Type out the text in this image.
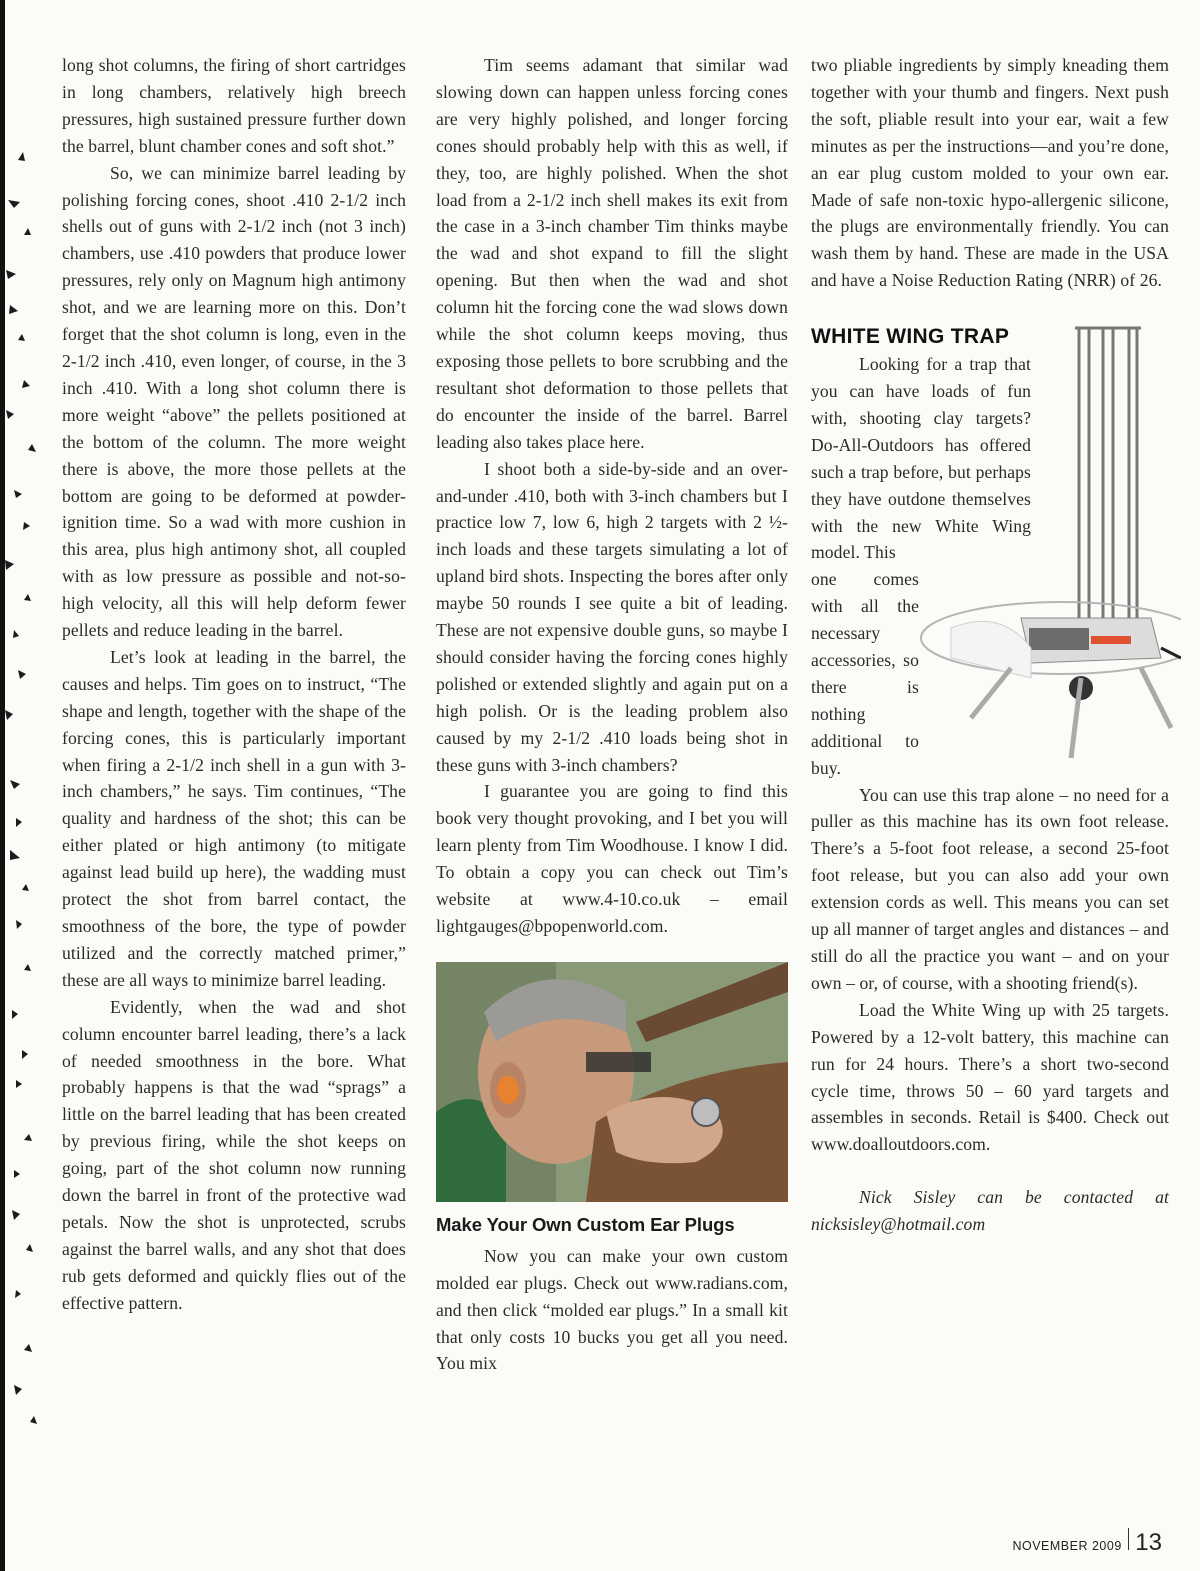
long shot columns, the firing of short cartridges in long chambers, relatively high breech pressures, high sustained pressure further down the barrel, blunt chamber cones and soft shot.”

So, we can minimize barrel leading by polishing forcing cones, shoot .410 2-1/2 inch shells out of guns with 2-1/2 inch (not 3 inch) chambers, use .410 powders that produce lower pressures, rely only on Magnum high antimony shot, and we are learning more on this. Don’t forget that the shot column is long, even in the 2-1/2 inch .410, even longer, of course, in the 3 inch .410. With a long shot column there is more weight “above” the pellets positioned at the bottom of the column. The more weight there is above, the more those pellets at the bottom are going to be deformed at powder-ignition time. So a wad with more cushion in this area, plus high antimony shot, all coupled with as low pressure as possible and not-so-high velocity, all this will help deform fewer pellets and reduce leading in the barrel.

Let’s look at leading in the barrel, the causes and helps. Tim goes on to instruct, “The shape and length, together with the shape of the forcing cones, this is particularly important when firing a 2-1/2 inch shell in a gun with 3-inch chambers,” he says. Tim continues, “The quality and hardness of the shot; this can be either plated or high antimony (to mitigate against lead build up here), the wadding must protect the shot from barrel contact, the smoothness of the bore, the type of powder utilized and the correctly matched primer,” these are all ways to minimize barrel leading.

Evidently, when the wad and shot column encounter barrel leading, there’s a lack of needed smoothness in the bore. What probably happens is that the wad “sprags” a little on the barrel leading that has been created by previous firing, while the shot keeps on going, part of the shot column now running down the barrel in front of the protective wad petals. Now the shot is unprotected, scrubs against the barrel walls, and any shot that does rub gets deformed and quickly flies out of the effective pattern.

Tim seems adamant that similar wad slowing down can happen unless forcing cones are very highly polished, and longer forcing cones should probably help with this as well, if they, too, are highly polished. When the shot load from a 2-1/2 inch shell makes its exit from the case in a 3-inch chamber Tim thinks maybe the wad and shot expand to fill the slight opening. But then when the wad and shot column hit the forcing cone the wad slows down while the shot column keeps moving, thus exposing those pellets to bore scrubbing and the resultant shot deformation to those pellets that do encounter the inside of the barrel. Barrel leading also takes place here.

I shoot both a side-by-side and an over-and-under .410, both with 3-inch chambers but I practice low 7, low 6, high 2 targets with 2 ½-inch loads and these targets simulating a lot of upland bird shots. Inspecting the bores after only maybe 50 rounds I see quite a bit of leading. These are not expensive double guns, so maybe I should consider having the forcing cones highly polished or extended slightly and again put on a high polish. Or is the leading problem also caused by my 2-1/2 .410 loads being shot in these guns with 3-inch chambers?

I guarantee you are going to find this book very thought provoking, and I bet you will learn plenty from Tim Woodhouse. I know I did. To obtain a copy you can check out Tim’s website at www.4-10.co.uk – email lightgauges@bpopenworld.com.

Make Your Own Custom Ear Plugs

Now you can make your own custom molded ear plugs. Check out www.radians.com, and then click “molded ear plugs.” In a small kit that only costs 10 bucks you get all you need. You mix

two pliable ingredients by simply kneading them together with your thumb and fingers. Next push the soft, pliable result into your ear, wait a few minutes as per the instructions—and you’re done, an ear plug custom molded to your own ear. Made of safe non-toxic hypo-allergenic silicone, the plugs are environmentally friendly. You can wash them by hand. These are made in the USA and have a Noise Reduction Rating (NRR) of 26.

WHITE WING TRAP

Looking for a trap that you can have loads of fun with, shooting clay targets? Do-All-Outdoors has offered such a trap before, but perhaps they have outdone themselves with the new White Wing model. This

one comes with all the necessary accessories, so there is nothing additional to buy.

You can use this trap alone – no need for a puller as this machine has its own foot release. There’s a 5-foot foot release, a second 25-foot foot release, but you can also add your own extension cords as well. This means you can set up all manner of target angles and distances – and still do all the practice you want – and on your own – or, of course, with a shooting friend(s).

Load the White Wing up with 25 targets. Powered by a 12-volt battery, this machine can run for 24 hours. There’s a short two-second cycle time, throws 50 – 60 yard targets and assembles in seconds. Retail is $400. Check out www.doalloutdoors.com.

Nick Sisley can be contacted at nicksisley@hotmail.com

NOVEMBER 2009 13
